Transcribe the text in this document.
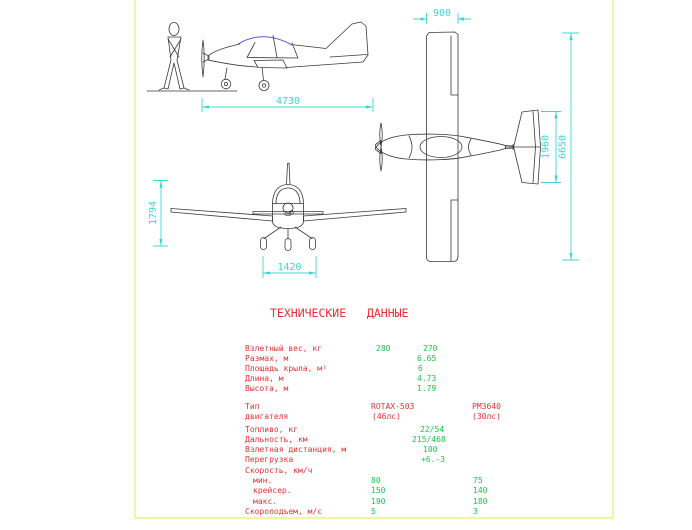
4730
900
1960 6650
1794
1420
ТЕХНИЧЕСКИЕ   ДАННЫЕ
Взлетный вес, кг	280	270
Размах, м	6.65
Площадь крыла, м²	6
Длина, м	4.73
Высота, м	1.79
Тип	ROTAX-503	РМЗ640
двигателя	(46лс)	(30лс)
Топливо, кг	22/54
Дальность, км	215/468
Взлетная дистанция, м	100
Перегрузка	+6.-3
Скорость, км/ч
мин.	80	75
крейсер.	150	140
макс.	190	180
Скороподъем, м/с	5	3
